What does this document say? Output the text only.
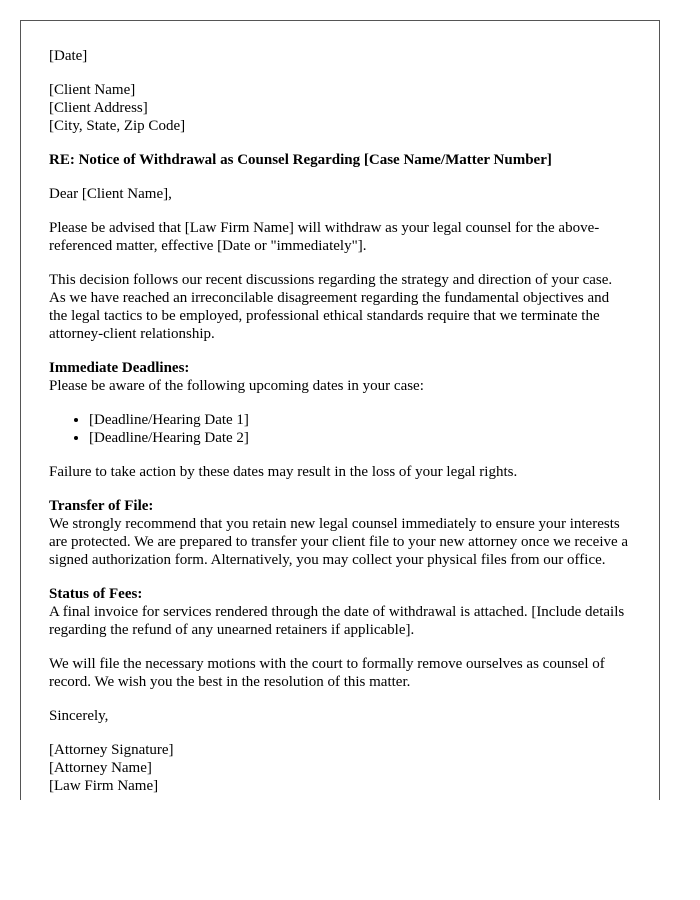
[Date]
[Client Name]
[Client Address]
[City, State, Zip Code]
RE: Notice of Withdrawal as Counsel Regarding [Case Name/Matter Number]

Dear [Client Name],

Please be advised that [Law Firm Name] will withdraw as your legal counsel for the above-referenced matter, effective [Date or "immediately"].

This decision follows our recent discussions regarding the strategy and direction of your case. As we have reached an irreconcilable disagreement regarding the fundamental objectives and the legal tactics to be employed, professional ethical standards require that we terminate the attorney-client relationship.

Immediate Deadlines:
Please be aware of the following upcoming dates in your case:
• [Deadline/Hearing Date 1]
• [Deadline/Hearing Date 2]

Failure to take action by these dates may result in the loss of your legal rights.

Transfer of File:
We strongly recommend that you retain new legal counsel immediately to ensure your interests are protected. We are prepared to transfer your client file to your new attorney once we receive a signed authorization form. Alternatively, you may collect your physical files from our office.
Status of Fees:
A final invoice for services rendered through the date of withdrawal is attached. [Include details regarding the refund of any unearned retainers if applicable].

We will file the necessary motions with the court to formally remove ourselves as counsel of record. We wish you the best in the resolution of this matter.

Sincerely,

[Attorney Signature]
[Attorney Name]
[Law Firm Name]
